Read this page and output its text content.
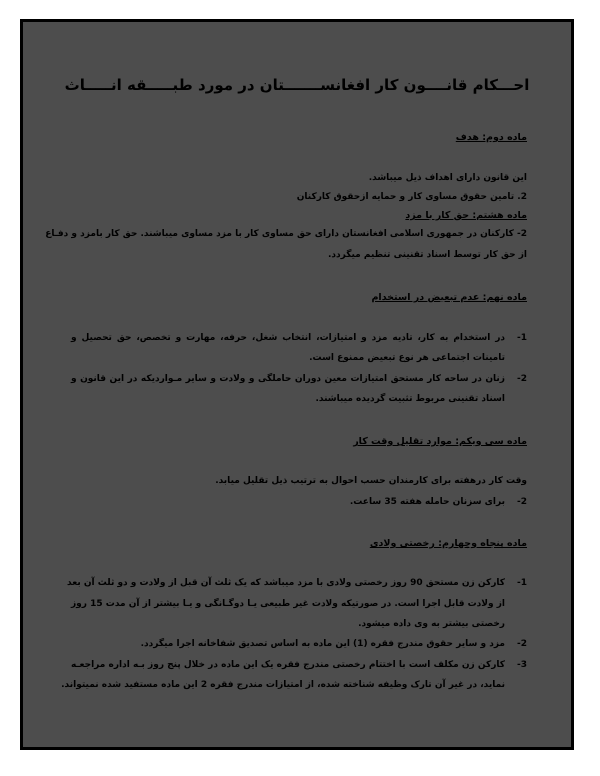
احـــکام قانــــون کار افغانســـــــتان در مورد طبـــــقه انـــــاث
ماده دوم: هدف
این قانون دارای اهداف ذیل میباشد.
2. تامین حقوق مساوی کار و حمایه ازحقوق کارکنان
ماده هشتم: حق کار با مزد
2- کارکنان در جمهوری اسلامی افغانستان دارای حق مساوی کار با مزد مساوی میباشند. حق کار بامزد و دفـاع
از حق کار توسط اسناد تقنینی تنظیم میگردد.
ماده نهم: عدم تبعیض در استخدام
1-
در استخدام به کار، تادیه مزد و امتیازات، انتخاب شغل، حرفه، مهارت و تخصص، حق تحصیل و
تامینات اجتماعی هر نوع تبعیض ممنوع است.
2-
زنان در ساحه کار مستحق امتیازات معین دوران حاملگی و ولادت و سایر مـواردیکه در این قانون و
اسناد تقنینی مربوط تثبیت گردیده میباشند.
ماده سی ویکم: موارد تقلیل وقت کار
وقت کار درهفته برای کارمندان حسب احوال به ترتیب ذیل تقلیل میابد.
2-
برای سزنان حامله هفته 35 ساعت.
ماده پنجاه وچهارم: رخصتی ولادی
1-
کارکن زن مستحق 90 روز رخصتی ولادی با مزد میباشد که یک ثلث آن قبل از ولادت و دو ثلث آن بعد
از ولادت قابل اجرا است. در صورتیکه ولادت غیر طبیعی یـا دوگـانگی و یـا بیشتر از آن مدت 15 روز
رخصتی بیشتر به وی داده میشود.
2-
مزد و سایر حقوق مندرج فقره (1) این ماده به اساس تصدیق شفاخانه اجرا میگردد.
3-
کارکن زن مکلف است با اختتام رخصتی مندرج فقره یک این ماده در خلال پنج روز بـه اداره مراجعـه
نماید، در غیر آن تارک وظیفه شناخته شده، از امتیازات مندرج فقره 2 این ماده مستفید شده نمیتواند.
